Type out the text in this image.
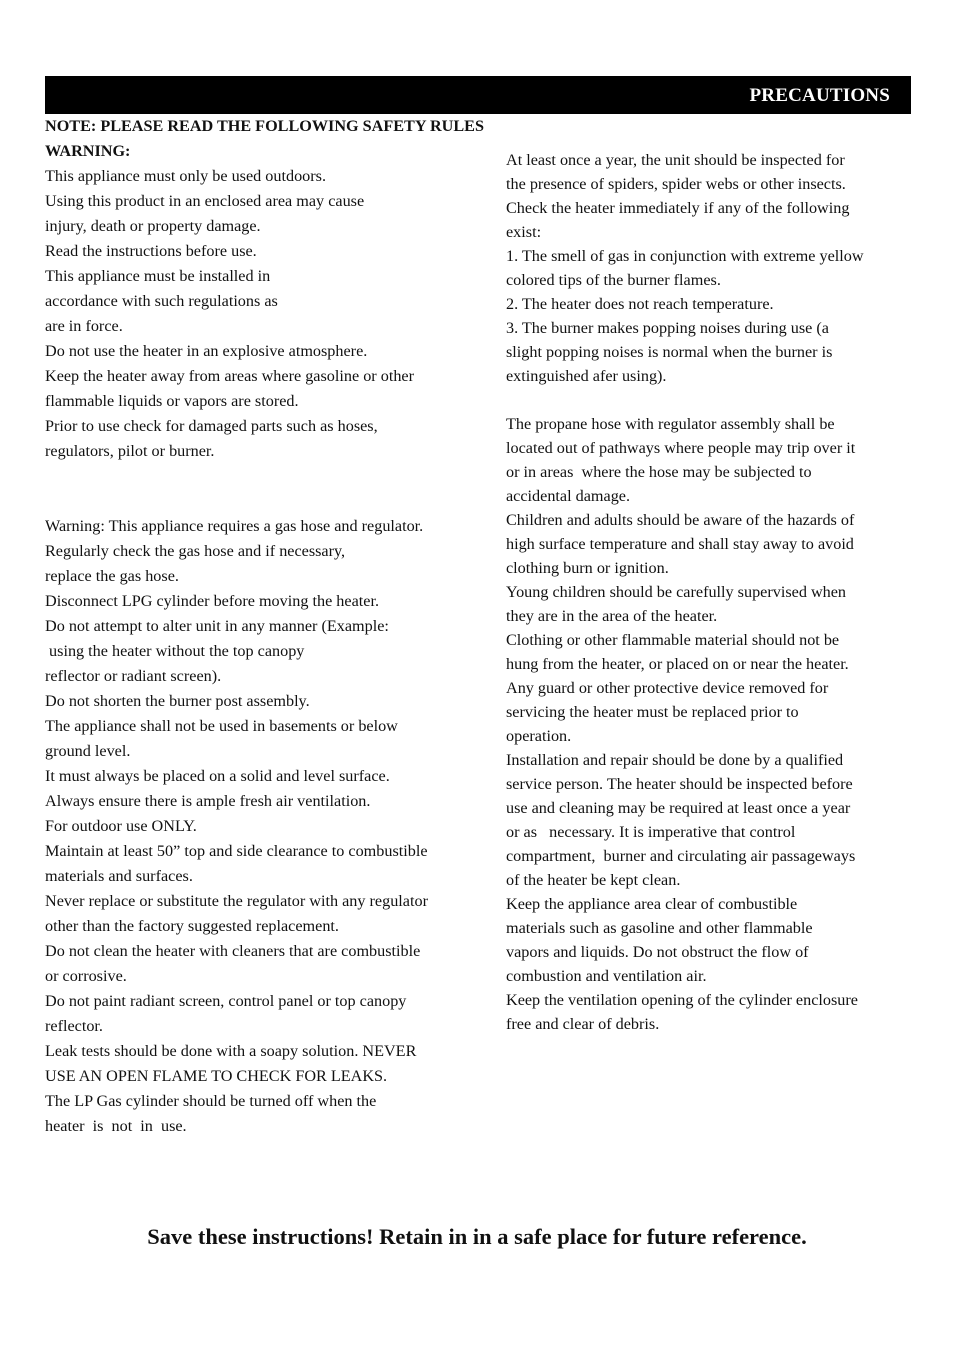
PRECAUTIONS
NOTE: PLEASE READ THE FOLLOWING SAFETY RULES
WARNING:
This appliance must only be used outdoors.
Using this product in an enclosed area may cause
injury, death or property damage.
Read the instructions before use.
This appliance must be installed in
accordance with such regulations as
are in force.
Do not use the heater in an explosive atmosphere.
Keep the heater away from areas where gasoline or other
flammable liquids or vapors are stored.
Prior to use check for damaged parts such as hoses,
regulators, pilot or burner.
Warning: This appliance requires a gas hose and regulator.
Regularly check the gas hose and if necessary,
replace the gas hose.
Disconnect LPG cylinder before moving the heater.
Do not attempt to alter unit in any manner (Example:
using the heater without the top canopy
reflector or radiant screen).
Do not shorten the burner post assembly.
The appliance shall not be used in basements or below
ground level.
It must always be placed on a solid and level surface.
Always ensure there is ample fresh air ventilation.
For outdoor use ONLY.
Maintain at least 50” top and side clearance to combustible
materials and surfaces.
Never replace or substitute the regulator with any regulator
other than the factory suggested replacement.
Do not clean the heater with cleaners that are combustible
or corrosive.
Do not paint radiant screen, control panel or top canopy
reflector.
Leak tests should be done with a soapy solution. NEVER
USE AN OPEN FLAME TO CHECK FOR LEAKS.
The LP Gas cylinder should be turned off when the
heater  is  not  in  use.
At least once a year, the unit should be inspected for
the presence of spiders, spider webs or other insects.
Check the heater immediately if any of the following
exist:
1. The smell of gas in conjunction with extreme yellow
colored tips of the burner flames.
2. The heater does not reach temperature.
3. The burner makes popping noises during use (a
slight popping noises is normal when the burner is
extinguished afer using).
The propane hose with regulator assembly shall be
located out of pathways where people may trip over it
or in areas  where the hose may be subjected to
accidental damage.
Children and adults should be aware of the hazards of
high surface temperature and shall stay away to avoid
clothing burn or ignition.
Young children should be carefully supervised when
they are in the area of the heater.
Clothing or other flammable material should not be
hung from the heater, or placed on or near the heater.
Any guard or other protective device removed for
servicing the heater must be replaced prior to
operation.
Installation and repair should be done by a qualified
service person. The heater should be inspected before
use and cleaning may be required at least once a year
or as   necessary. It is imperative that control
compartment,  burner and circulating air passageways
of the heater be kept clean.
Keep the appliance area clear of combustible
materials such as gasoline and other flammable
vapors and liquids. Do not obstruct the flow of
combustion and ventilation air.
Keep the ventilation opening of the cylinder enclosure
free and clear of debris.
Save these instructions! Retain in in a safe place for future reference.
